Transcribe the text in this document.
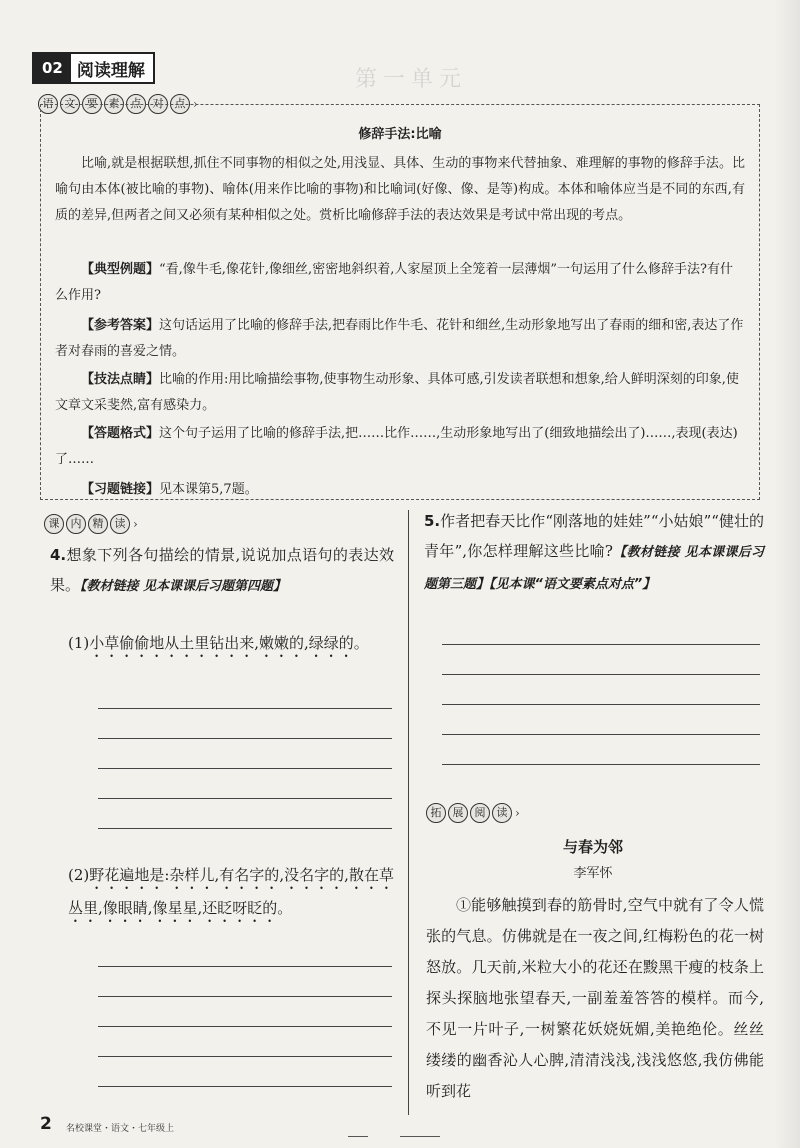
第一单元
02 阅读理解
语	文	要	素	点	对	点 ›
修辞手法:比喻
比喻,就是根据联想,抓住不同事物的相似之处,用浅显、具体、生动的事物来代替抽象、难理解的事物的修辞手法。比喻句由本体(被比喻的事物)、喻体(用来作比喻的事物)和比喻词(好像、像、是等)构成。本体和喻体应当是不同的东西,有质的差异,但两者之间又必须有某种相似之处。赏析比喻修辞手法的表达效果是考试中常出现的考点。
【典型例题】“看,像牛毛,像花针,像细丝,密密地斜织着,人家屋顶上全笼着一层薄烟”一句运用了什么修辞手法?有什么作用?
【参考答案】这句话运用了比喻的修辞手法,把春雨比作牛毛、花针和细丝,生动形象地写出了春雨的细和密,表达了作者对春雨的喜爱之情。
【技法点睛】比喻的作用:用比喻描绘事物,使事物生动形象、具体可感,引发读者联想和想象,给人鲜明深刻的印象,使文章文采斐然,富有感染力。
【答题格式】这个句子运用了比喻的修辞手法,把……比作……,生动形象地写出了(细致地描绘出了)……,表现(表达)了……
【习题链接】见本课第5,7题。
课	内	精	读 ›
4.想象下列各句描绘的情景,说说加点语句的表达效果。【教材链接 见本课课后习题第四题】
(1)小草偷偷地从土里钻出来,嫩嫩的,绿绿的。
(2)野花遍地是:杂样儿,有名字的,没名字的,散在草丛里,像眼睛,像星星,还眨呀眨的。
5.作者把春天比作“刚落地的娃娃”“小姑娘”“健壮的青年”,你怎样理解这些比喻?【教材链接 见本课课后习题第三题】【见本课“语文要素点对点”】
拓	展	阅	读 ›
与春为邻
李军怀
①能够触摸到春的筋骨时,空气中就有了令人慌张的气息。仿佛就是在一夜之间,红梅粉色的花一树怒放。几天前,米粒大小的花还在黢黑干瘦的枝条上探头探脑地张望春天,一副羞羞答答的模样。而今,不见一片叶子,一树繁花妖娆妩媚,美艳绝伦。丝丝缕缕的幽香沁人心脾,清清浅浅,浅浅悠悠,我仿佛能听到花
2 名校课堂・语文・七年级上
